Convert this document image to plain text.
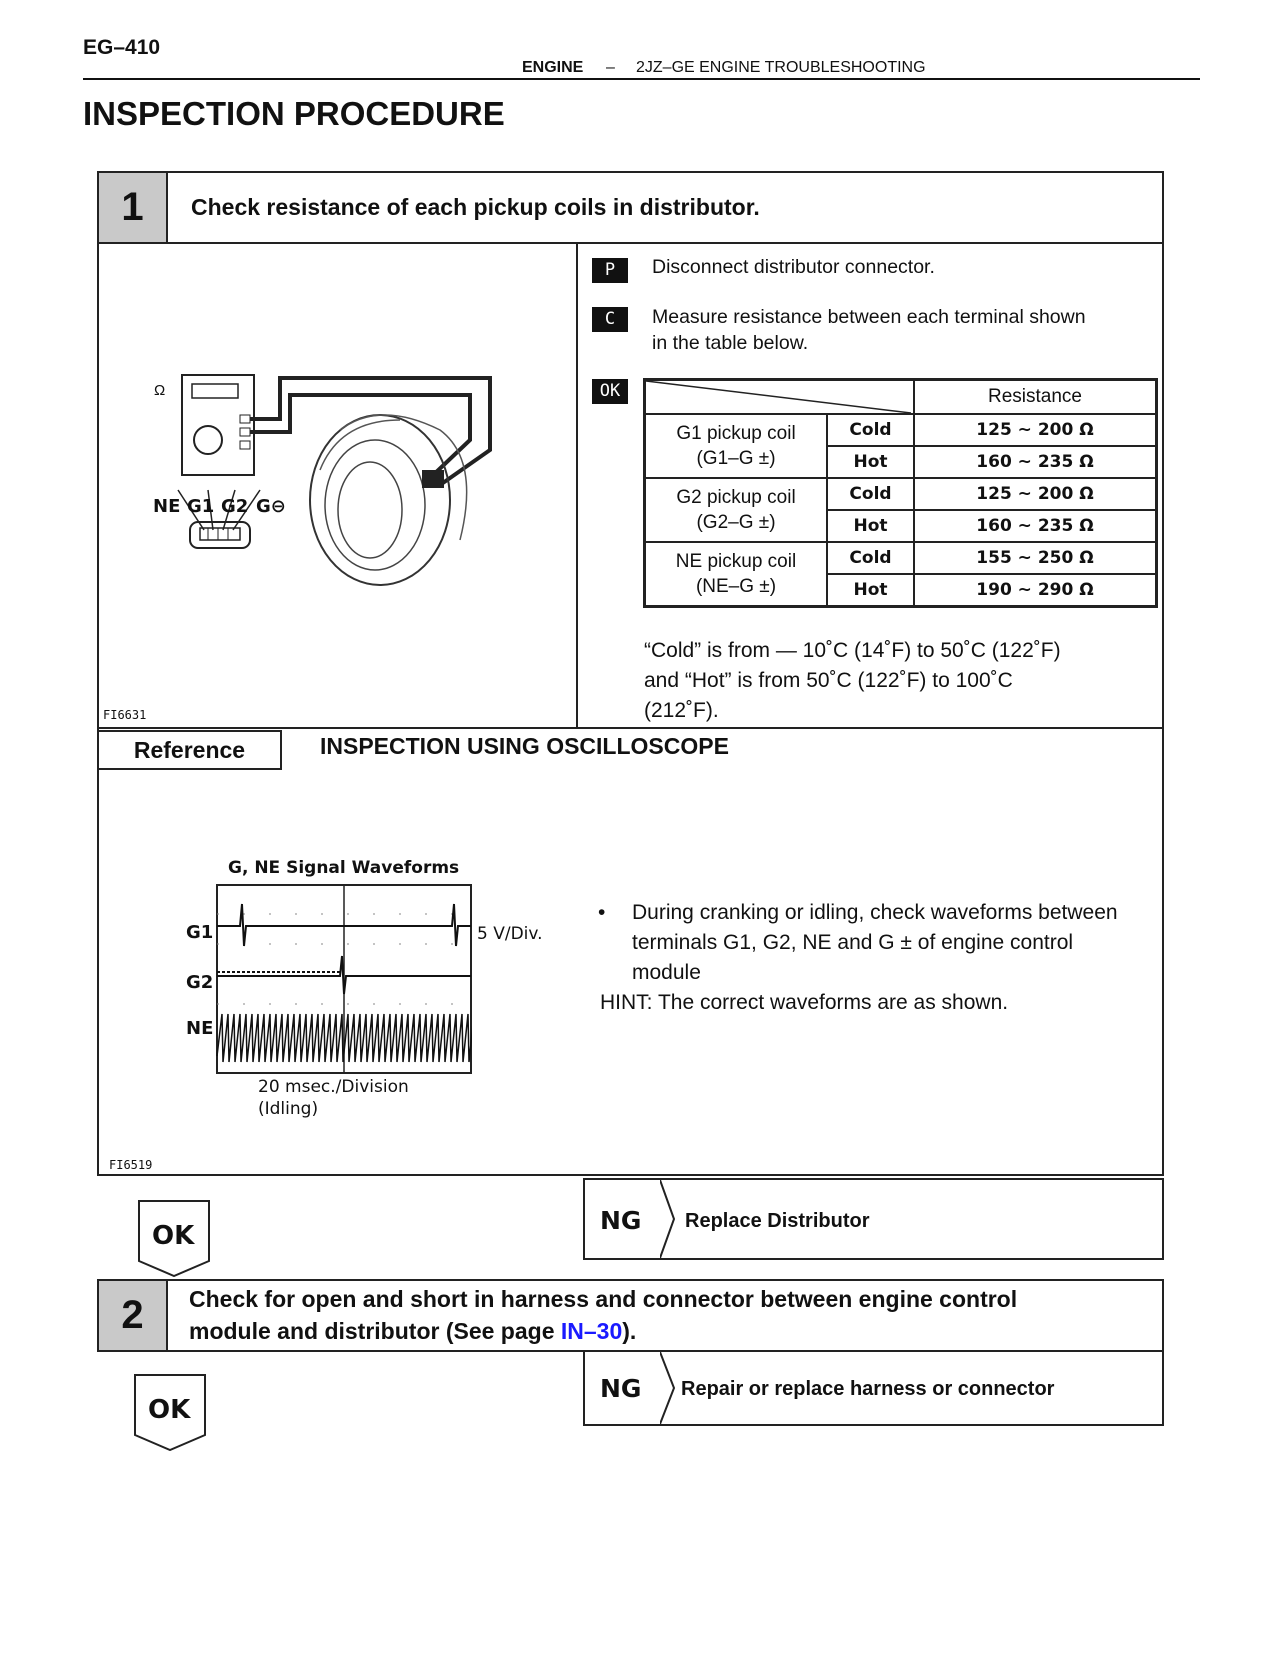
EG–410
ENGINE – 2JZ–GE ENGINE TROUBLESHOOTING
INSPECTION PROCEDURE
1	Check resistance of each pickup coils in distributor.
Ω
NE G1 G2 G⊖
FI6631
P	Disconnect distributor connector.
C	Measure resistance between each terminal shown
in the table below.
OK
		Resistance

G1 pickup coil
(G1–G ±)	Cold	125 ~ 200 Ω
	Hot	160 ~ 235 Ω

G2 pickup coil
(G2–G ±)	Cold	125 ~ 200 Ω
	Hot	160 ~ 235 Ω

NE pickup coil
(NE–G ±)	Cold	155 ~ 250 Ω
	Hot	190 ~ 290 Ω
“Cold” is from — 10˚C (14˚F) to 50˚C (122˚F)
and “Hot” is from 50˚C (122˚F) to 100˚C
(212˚F).
Reference	INSPECTION USING OSCILLOSCOPE
G, NE Signal Waveforms
G1
G2
NE
5 V/Div.
20 msec./Division
(Idling)
FI6519
• During cranking or idling, check waveforms between
terminals G1, G2, NE and G ± of engine control
module
HINT: The correct waveforms are as shown.
OK
NG Replace Distributor
2	Check for open and short in harness and connector between engine control
module and distributor (See page IN–30).
OK
NG Repair or replace harness or connector
